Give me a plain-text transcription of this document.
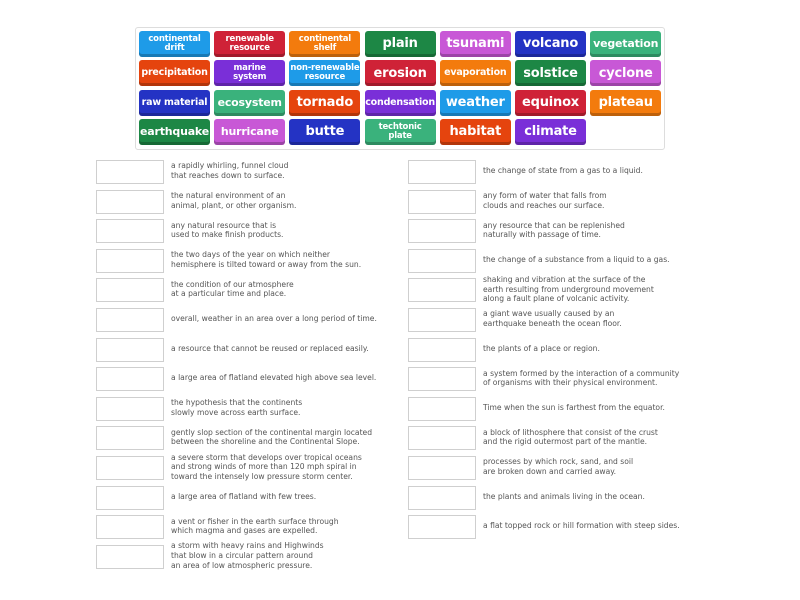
continental
drift
renewable
resource
continental
shelf	plain	tsunami	volcano	vegetation
precipitation	marine
system
non-renewable
resource	erosion	evaporation	solstice	cyclone
raw material ecosystem	tornado	condensation weather	equinox	plateau
earthquake	hurricane	butte	techtonic
plate	habitat	climate
a rapidly whirling, funnel cloud
that reaches down to surface.
the natural environment of an
animal, plant, or other organism.
any natural resource that is
used to make finish products.
the two days of the year on which neither
hemisphere is tilted toward or away from the sun.
the condition of our atmosphere
at a particular time and place.
overall, weather in an area over a long period of time.
a resource that cannot be reused or replaced easily.
a large area of flatland elevated high above sea level.
the hypothesis that the continents
slowly move across earth surface.
gently slop section of the continental margin located
between the shoreline and the Continental Slope.
a severe storm that develops over tropical oceans
and strong winds of more than 120 mph spiral in
toward the intensely low pressure storm center.
a large area of flatland with few trees.
a vent or fisher in the earth surface through
which magma and gases are expelled.
a storm with heavy rains and Highwinds
that blow in a circular pattern around
an area of low atmospheric pressure.
the change of state from a gas to a liquid.
any form of water that falls from
clouds and reaches our surface.
any resource that can be replenished
naturally with passage of time.
the change of a substance from a liquid to a gas.
shaking and vibration at the surface of the
earth resulting from underground movement
along a fault plane of volcanic activity.
a giant wave usually caused by an
earthquake beneath the ocean floor.
the plants of a place or region.
a system formed by the interaction of a community
of organisms with their physical environment.
Time when the sun is farthest from the equator.
a block of lithosphere that consist of the crust
and the rigid outermost part of the mantle.
processes by which rock, sand, and soil
are broken down and carried away.
the plants and animals living in the ocean.
a flat topped rock or hill formation with steep sides.
